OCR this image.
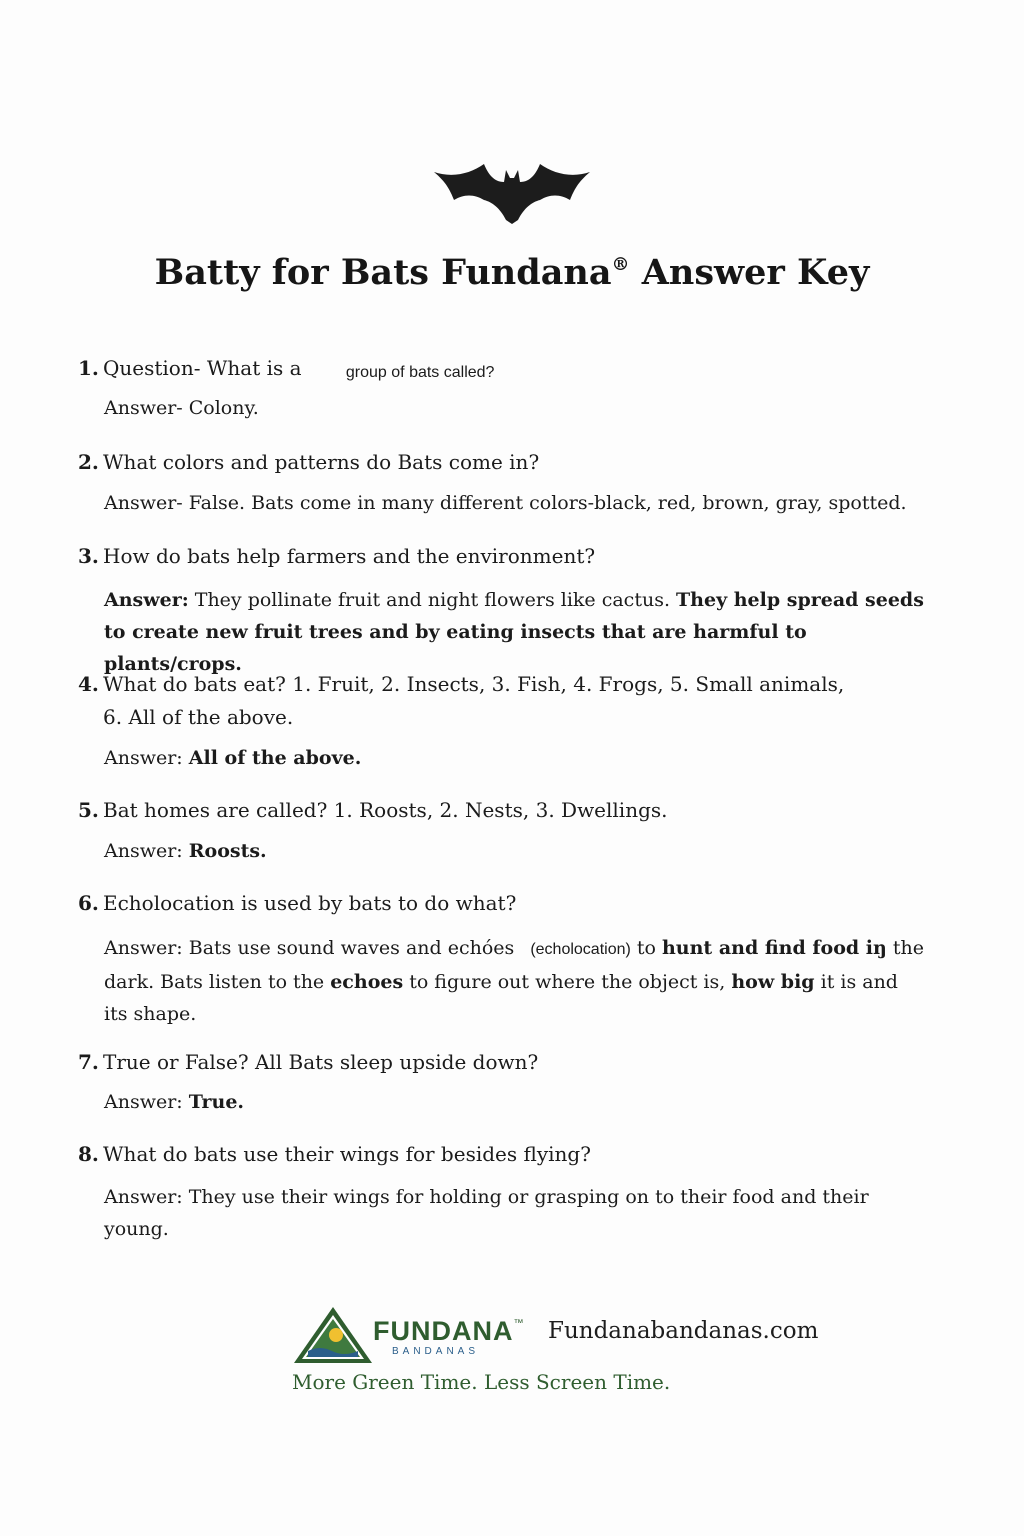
Batty for Bats Fundana® Answer Key
1. Question- What is a	group of bats called?
Answer- Colony.
2. What colors and patterns do Bats come in?
Answer- False. Bats come in many different colors-black, red, brown, gray, spotted.
3. How do bats help farmers and the environment?
Answer: They pollinate fruit and night flowers like cactus. They help spread seeds to create new fruit trees and by eating insects that are harmful to plants/crops.
4. What do bats eat? 1. Fruit, 2. Insects, 3. Fish, 4. Frogs, 5. Small animals,
6. All of the above.
Answer: All of the above.
5. Bat homes are called? 1. Roosts, 2. Nests, 3. Dwellings.
Answer: Roosts.
6. Echolocation is used by bats to do what?
Answer: Bats use sound waves and echóes (echolocation) to hunt and find food iŋ the dark. Bats listen to the echoes to figure out where the object is, how big it is and its shape.
7. True or False? All Bats sleep upside down?
Answer: True.
8. What do bats use their wings for besides flying?
Answer: They use their wings for holding or grasping on to their food and their young.
FUNDANA™
BANDANAS
Fundanabandanas.com
More Green Time. Less Screen Time.
